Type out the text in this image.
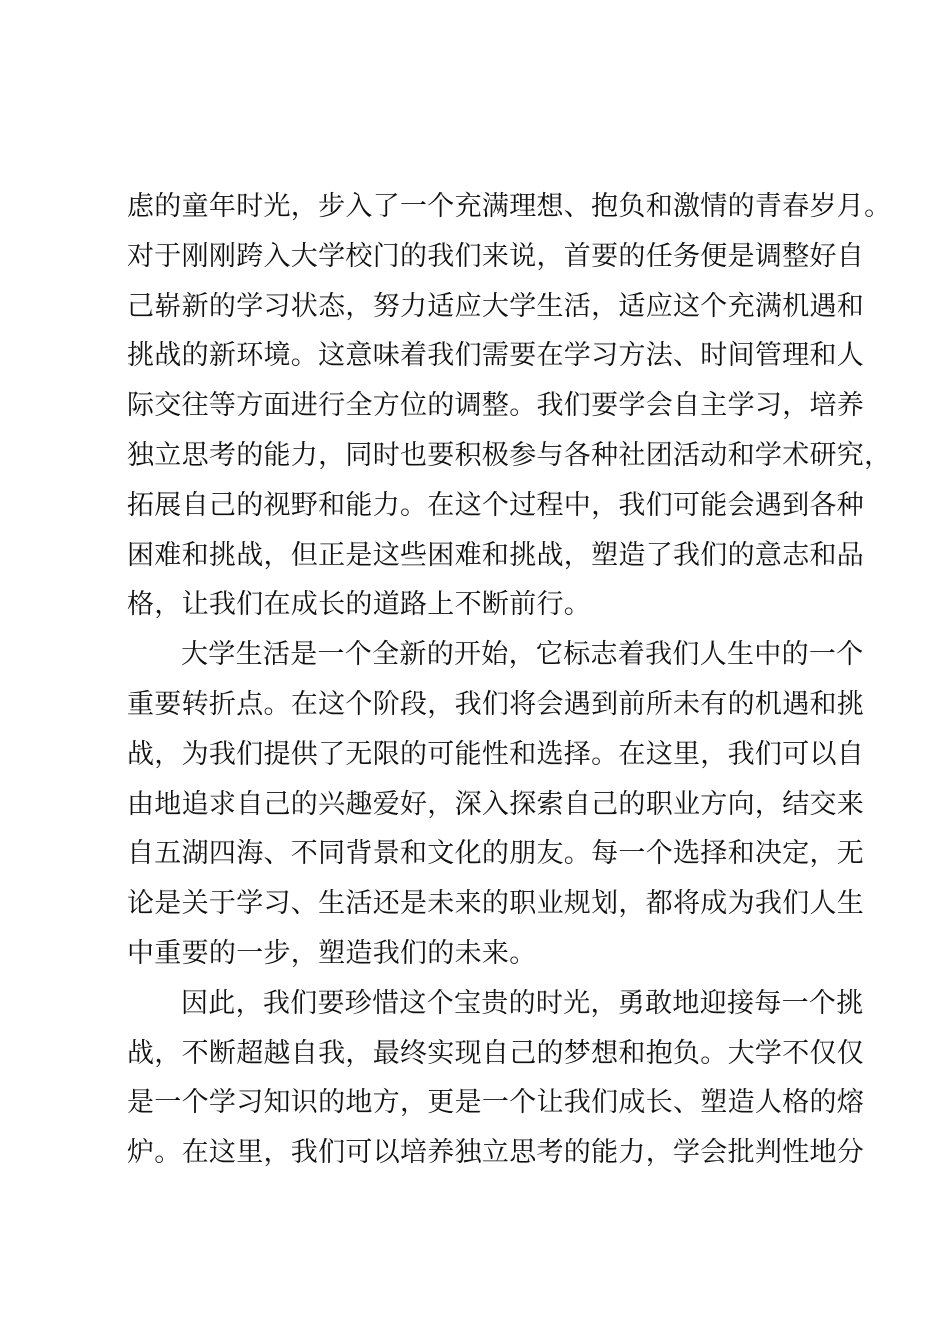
虑的童年时光，步入了一个充满理想、抱负和激情的青春岁月。
对于刚刚跨入大学校门的我们来说，首要的任务便是调整好自
己崭新的学习状态，努力适应大学生活，适应这个充满机遇和
挑战的新环境。这意味着我们需要在学习方法、时间管理和人
际交往等方面进行全方位的调整。我们要学会自主学习，培养
独立思考的能力，同时也要积极参与各种社团活动和学术研究，
拓展自己的视野和能力。在这个过程中，我们可能会遇到各种
困难和挑战，但正是这些困难和挑战，塑造了我们的意志和品
格，让我们在成长的道路上不断前行。
大学生活是一个全新的开始，它标志着我们人生中的一个
重要转折点。在这个阶段，我们将会遇到前所未有的机遇和挑
战，为我们提供了无限的可能性和选择。在这里，我们可以自
由地追求自己的兴趣爱好，深入探索自己的职业方向，结交来
自五湖四海、不同背景和文化的朋友。每一个选择和决定，无
论是关于学习、生活还是未来的职业规划，都将成为我们人生
中重要的一步，塑造我们的未来。
因此，我们要珍惜这个宝贵的时光，勇敢地迎接每一个挑
战，不断超越自我，最终实现自己的梦想和抱负。大学不仅仅
是一个学习知识的地方，更是一个让我们成长、塑造人格的熔
炉。在这里，我们可以培养独立思考的能力，学会批判性地分
